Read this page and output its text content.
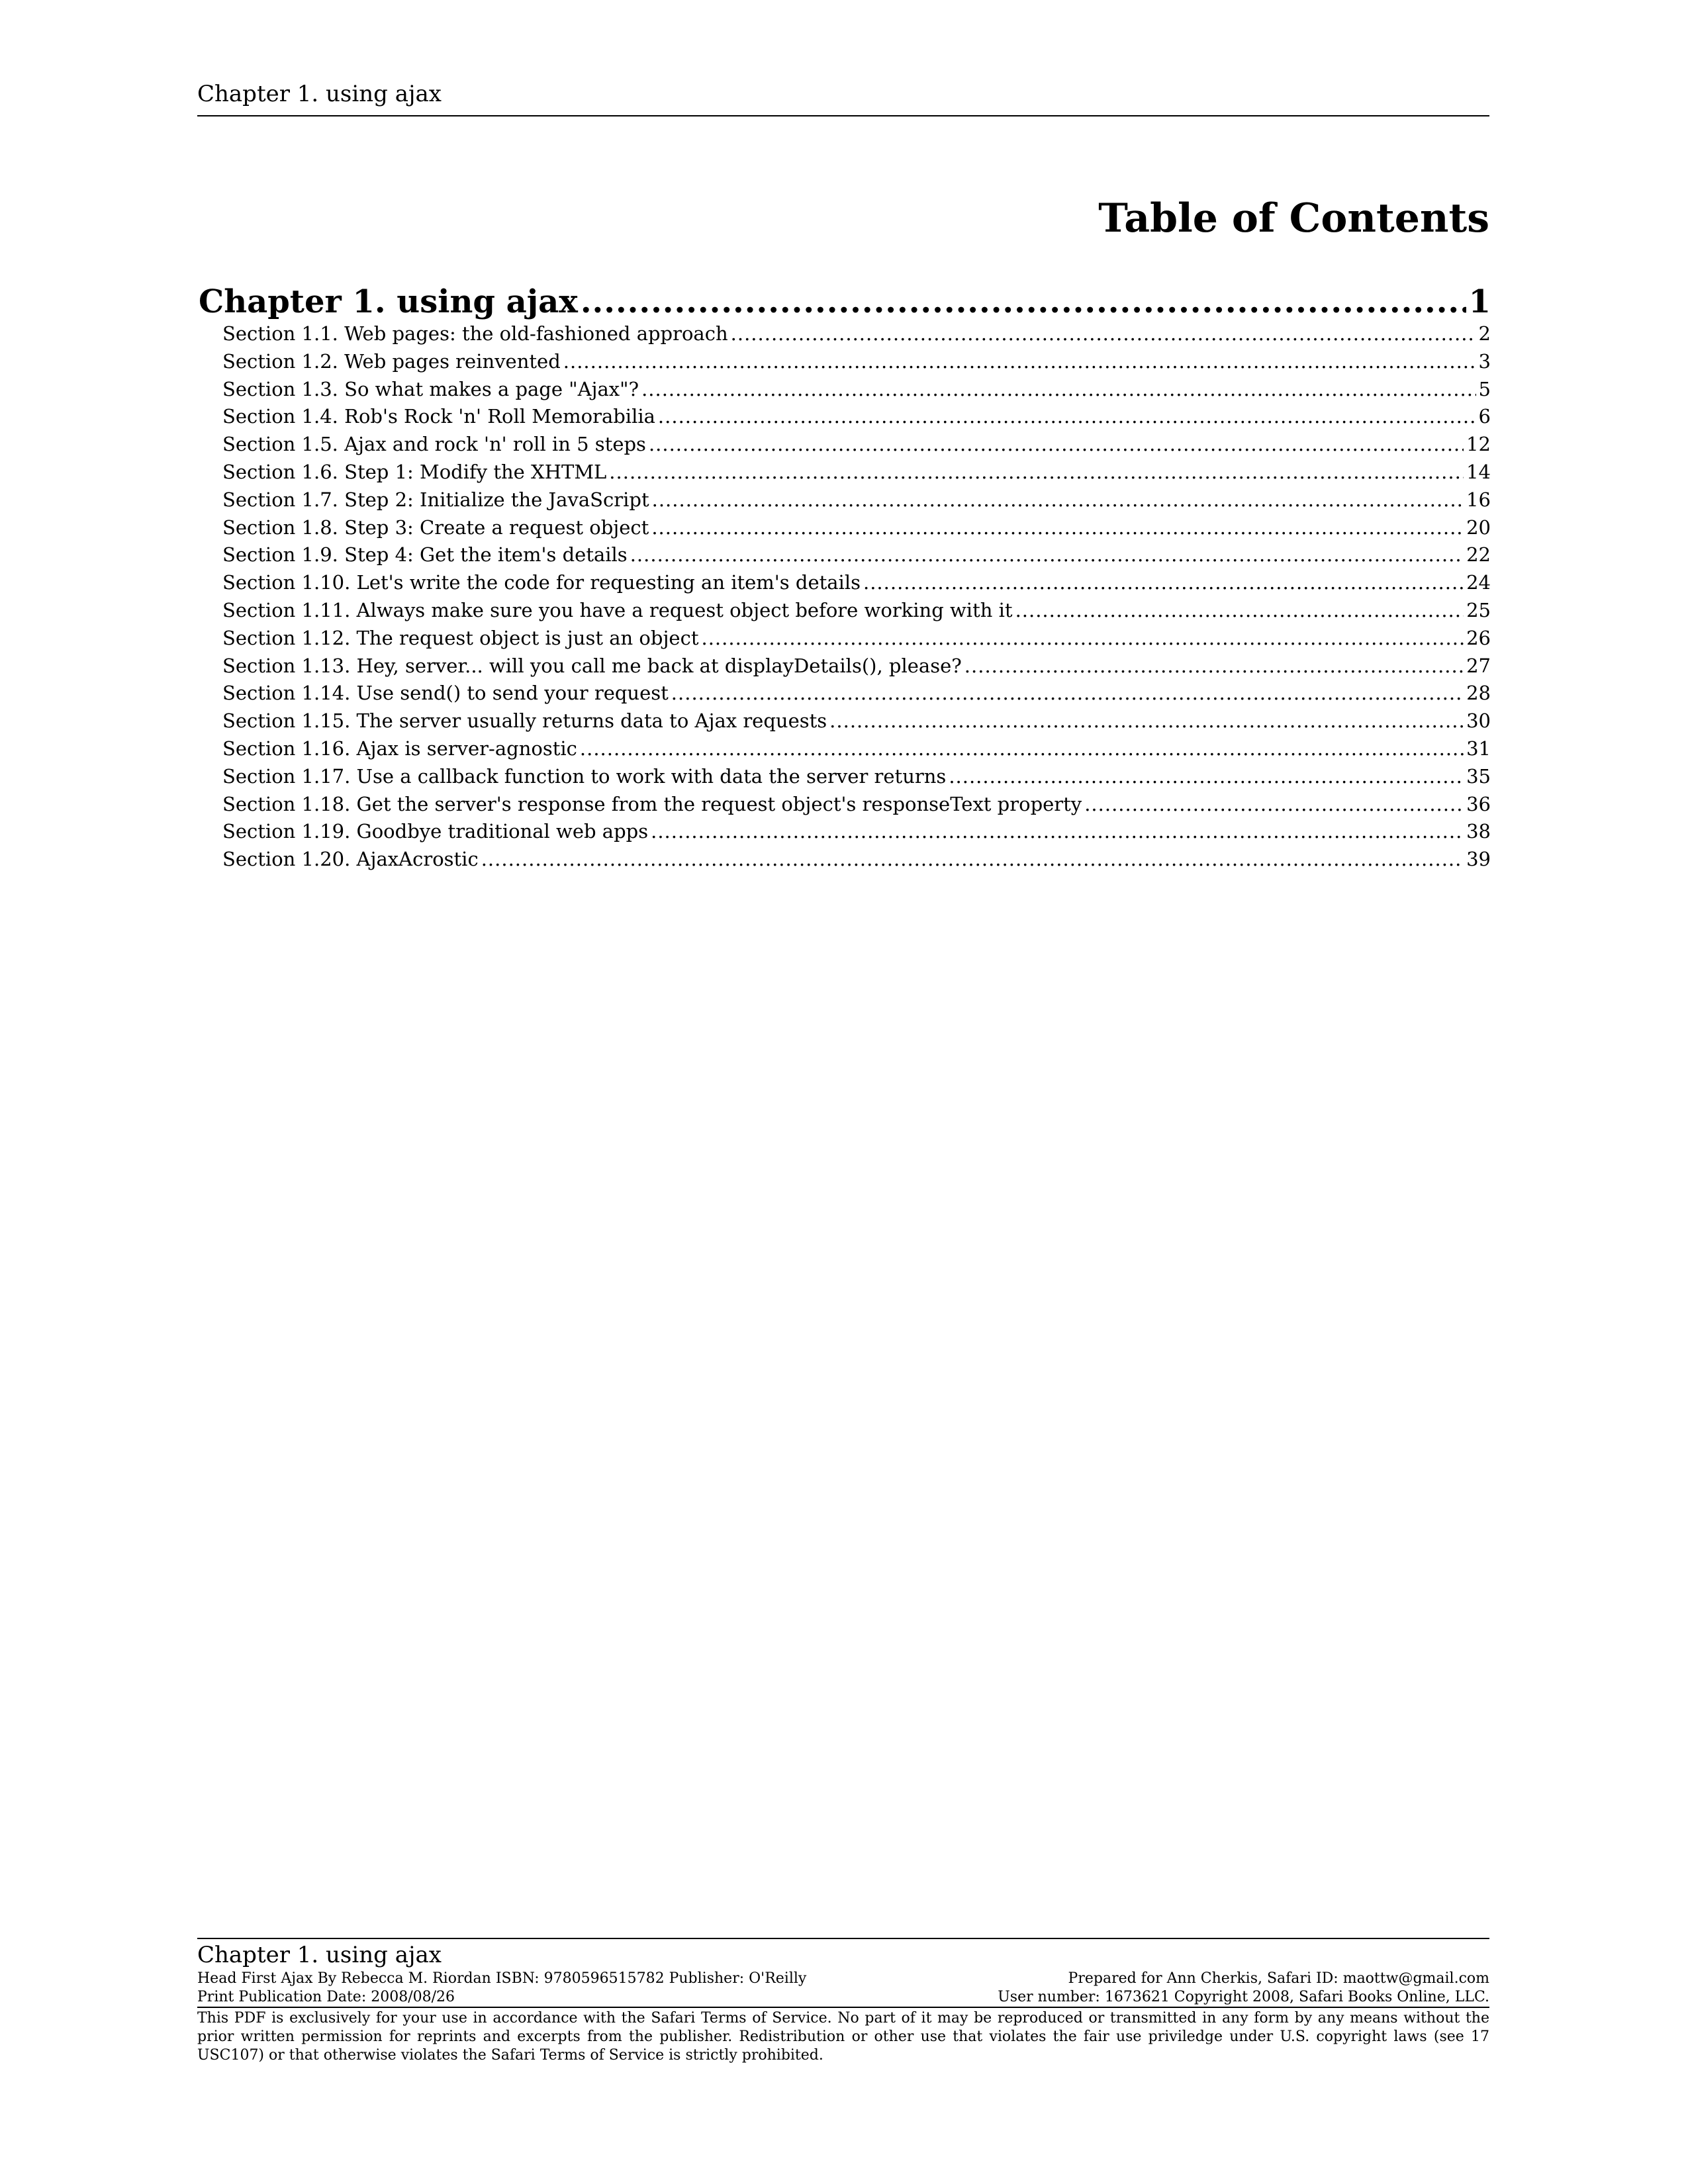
Chapter 1. using ajax
Table of Contents
Chapter 1. using ajax .....	1
Section 1.1. Web pages: the old-fashioned approach .....	2
Section 1.2. Web pages reinvented .....	3
Section 1.3. So what makes a page "Ajax"? .....	5
Section 1.4. Rob's Rock 'n' Roll Memorabilia .....	6
Section 1.5. Ajax and rock 'n' roll in 5 steps .....	12
Section 1.6. Step 1: Modify the XHTML .....	14
Section 1.7. Step 2: Initialize the JavaScript .....	16
Section 1.8. Step 3: Create a request object .....	20
Section 1.9. Step 4: Get the item's details .....	22
Section 1.10. Let's write the code for requesting an item's details .....	24
Section 1.11. Always make sure you have a request object before working with it .....	25
Section 1.12. The request object is just an object .....	26
Section 1.13. Hey, server... will you call me back at displayDetails(), please? .....	27
Section 1.14. Use send() to send your request .....	28
Section 1.15. The server usually returns data to Ajax requests .....	30
Section 1.16. Ajax is server-agnostic .....	31
Section 1.17. Use a callback function to work with data the server returns .....	35
Section 1.18. Get the server's response from the request object's responseText property .....	36
Section 1.19. Goodbye traditional web apps .....	38
Section 1.20. AjaxAcrostic .....	39
Chapter 1. using ajax
Head First Ajax By Rebecca M. Riordan ISBN: 9780596515782 Publisher: O'Reilly	Prepared for Ann Cherkis, Safari ID: maottw@gmail.com
Print Publication Date: 2008/08/26	User number: 1673621 Copyright 2008, Safari Books Online, LLC.
This PDF is exclusively for your use in accordance with the Safari Terms of Service. No part of it may be reproduced or transmitted in any form by any means without the prior written permission for reprints and excerpts from the publisher. Redistribution or other use that violates the fair use priviledge under U.S. copyright laws (see 17 USC107) or that otherwise violates the Safari Terms of Service is strictly prohibited.
